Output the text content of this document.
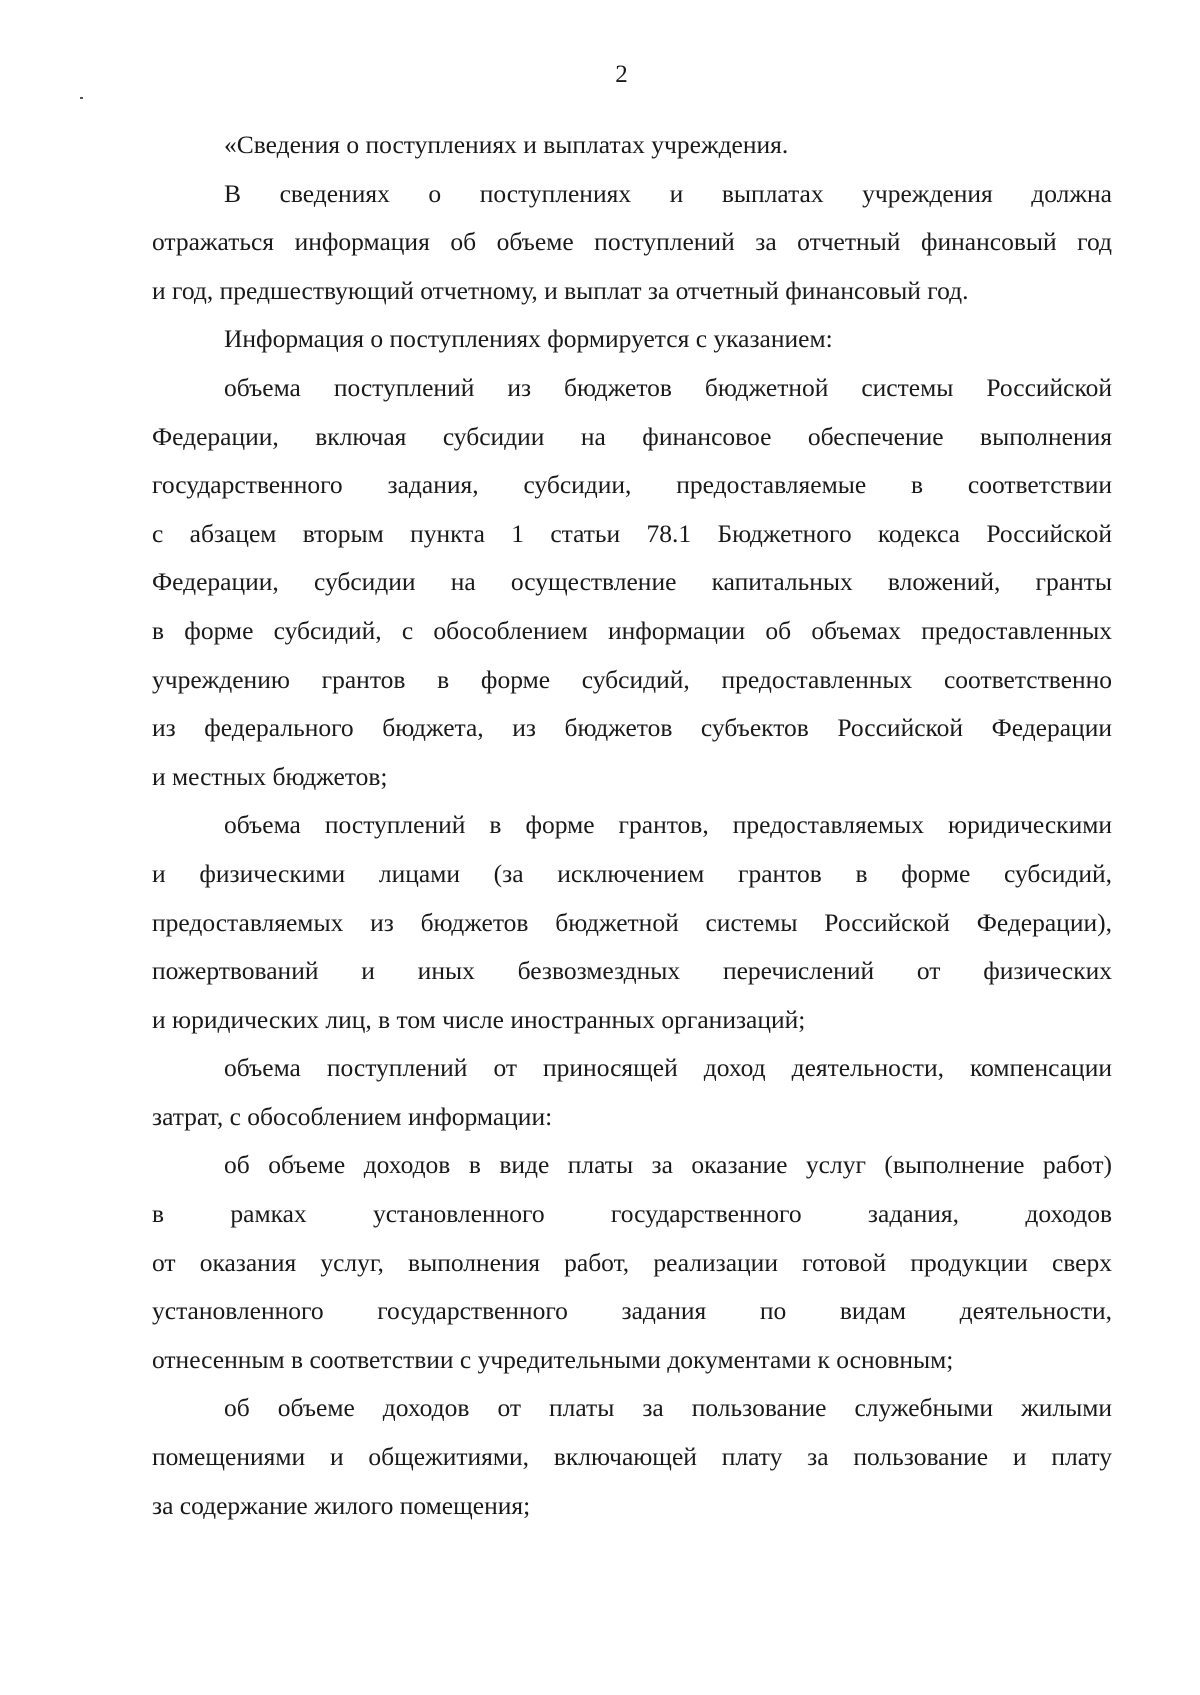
2
«Сведения о поступлениях и выплатах учреждения.
В сведениях о поступлениях и выплатах учреждения должна
отражаться информация об объеме поступлений за отчетный финансовый год
и год, предшествующий отчетному, и выплат за отчетный финансовый год.
Информация о поступлениях формируется с указанием:
объема поступлений из бюджетов бюджетной системы Российской
Федерации, включая субсидии на финансовое обеспечение выполнения
государственного задания, субсидии, предоставляемые в соответствии
с абзацем вторым пункта 1 статьи 78.1 Бюджетного кодекса Российской
Федерации, субсидии на осуществление капитальных вложений, гранты
в форме субсидий, с обособлением информации об объемах предоставленных
учреждению грантов в форме субсидий, предоставленных соответственно
из федерального бюджета, из бюджетов субъектов Российской Федерации
и местных бюджетов;
объема поступлений в форме грантов, предоставляемых юридическими
и физическими лицами (за исключением грантов в форме субсидий,
предоставляемых из бюджетов бюджетной системы Российской Федерации),
пожертвований и иных безвозмездных перечислений от физических
и юридических лиц, в том числе иностранных организаций;
объема поступлений от приносящей доход деятельности, компенсации
затрат, с обособлением информации:
об объеме доходов в виде платы за оказание услуг (выполнение работ)
в рамках установленного государственного задания, доходов
от оказания услуг, выполнения работ, реализации готовой продукции сверх
установленного государственного задания по видам деятельности,
отнесенным в соответствии с учредительными документами к основным;
об объеме доходов от платы за пользование служебными жилыми
помещениями и общежитиями, включающей плату за пользование и плату
за содержание жилого помещения;
